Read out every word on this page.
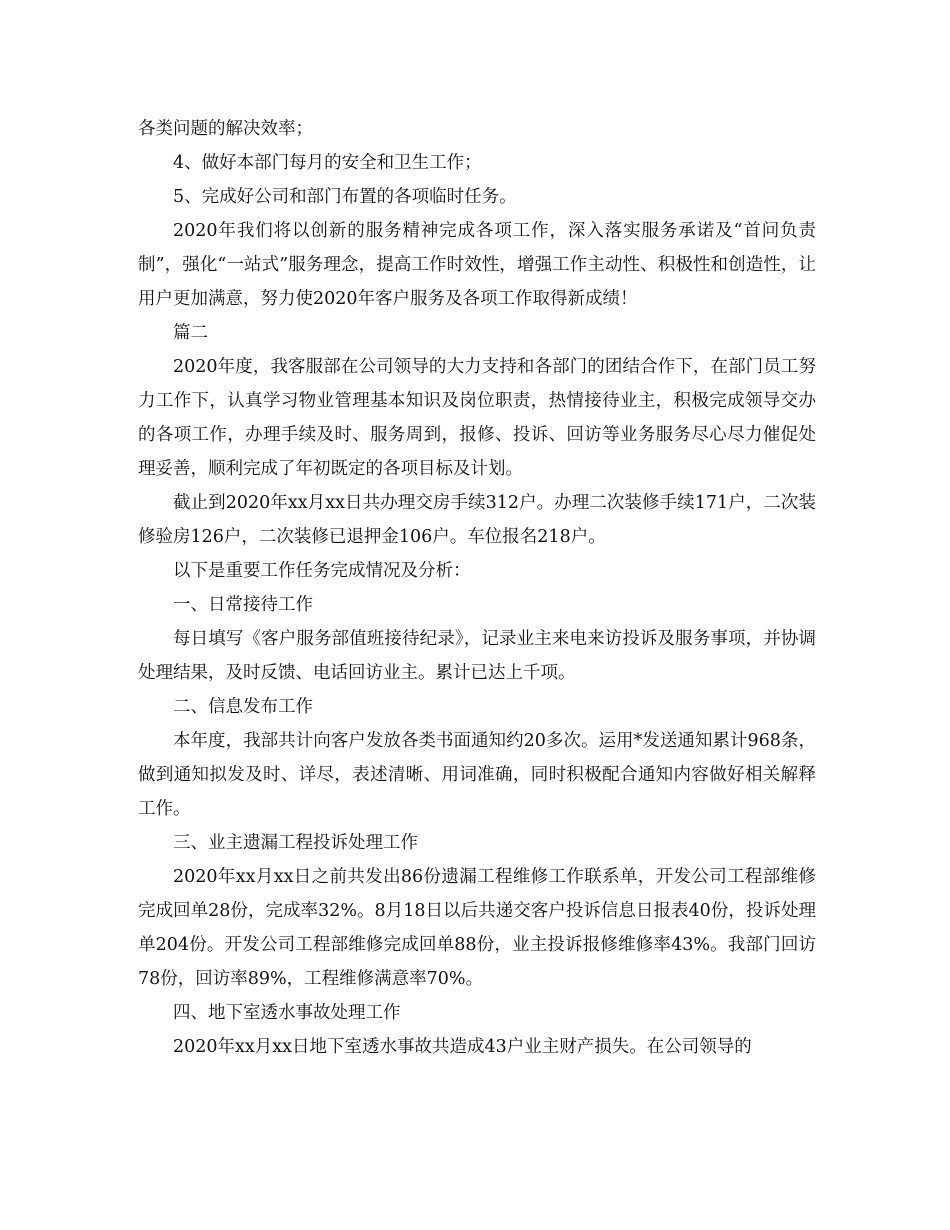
各类问题的解决效率；

4、做好本部门每月的安全和卫生工作；

5、完成好公司和部门布置的各项临时任务。

2020年我们将以创新的服务精神完成各项工作，深入落实服务承诺及“首问负责制”，强化“一站式”服务理念，提高工作时效性，增强工作主动性、积极性和创造性，让用户更加满意，努力使2020年客户服务及各项工作取得新成绩！

篇二

2020年度，我客服部在公司领导的大力支持和各部门的团结合作下，在部门员工努力工作下，认真学习物业管理基本知识及岗位职责，热情接待业主，积极完成领导交办的各项工作，办理手续及时、服务周到，报修、投诉、回访等业务服务尽心尽力催促处理妥善，顺利完成了年初既定的各项目标及计划。

截止到2020年xx月xx日共办理交房手续312户。办理二次装修手续171户，二次装修验房126户，二次装修已退押金106户。车位报名218户。

以下是重要工作任务完成情况及分析：

一、日常接待工作

每日填写《客户服务部值班接待纪录》，记录业主来电来访投诉及服务事项，并协调处理结果，及时反馈、电话回访业主。累计已达上千项。

二、信息发布工作

本年度，我部共计向客户发放各类书面通知约20多次。运用*发送通知累计968条，做到通知拟发及时、详尽，表述清晰、用词准确，同时积极配合通知内容做好相关解释工作。

三、业主遗漏工程投诉处理工作

2020年xx月xx日之前共发出86份遗漏工程维修工作联系单，开发公司工程部维修完成回单28份，完成率32%。8月18日以后共递交客户投诉信息日报表40份，投诉处理单204份。开发公司工程部维修完成回单88份，业主投诉报修维修率43%。我部门回访78份，回访率89%，工程维修满意率70%。

四、地下室透水事故处理工作

2020年xx月xx日地下室透水事故共造成43户业主财产损失。在公司领导的
